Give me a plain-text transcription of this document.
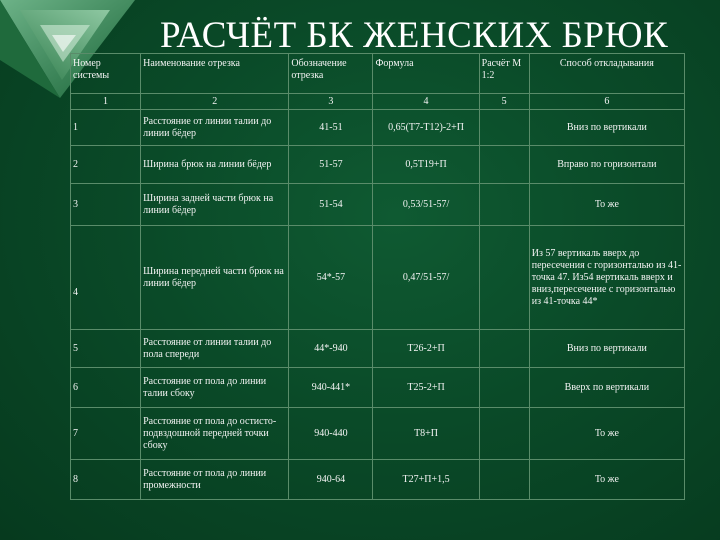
РАСЧЁТ БК ЖЕНСКИХ БРЮК
Номер системы	Наименование отрезка	Обозначение отрезка	Формула	Расчёт М 1:2	Способ откладывания
1	2	3	4	5	6
1	Расстояние от линии талии до линии бёдер	41-51	0,65(Т7-Т12)-2+П		Вниз по вертикали
2	Ширина брюк на линии бёдер	51-57	0,5Т19+П		Вправо по горизонтали
3	Ширина задней части брюк на линии бёдер	51-54	0,53/51-57/		То же
4	Ширина передней части брюк на линии бёдер	54*-57	0,47/51-57/		Из 57 вертикаль вверх до пересечения с горизонталью из 41-точка 47. Из54 вертикаль вверх и вниз,пересечение с горизонталью из 41-точка 44*
5	Расстояние от линии талии до пола спереди	44*-940	Т26-2+П		Вниз по вертикали
6	Расстояние от пола до линии талии сбоку	940-441*	Т25-2+П		Вверх по вертикали
7	Расстояние от пола до остисто-подвздошной передней точки сбоку	940-440	Т8+П		То же
8	Расстояние от пола до линии промежности	940-64	Т27+П+1,5		То же
